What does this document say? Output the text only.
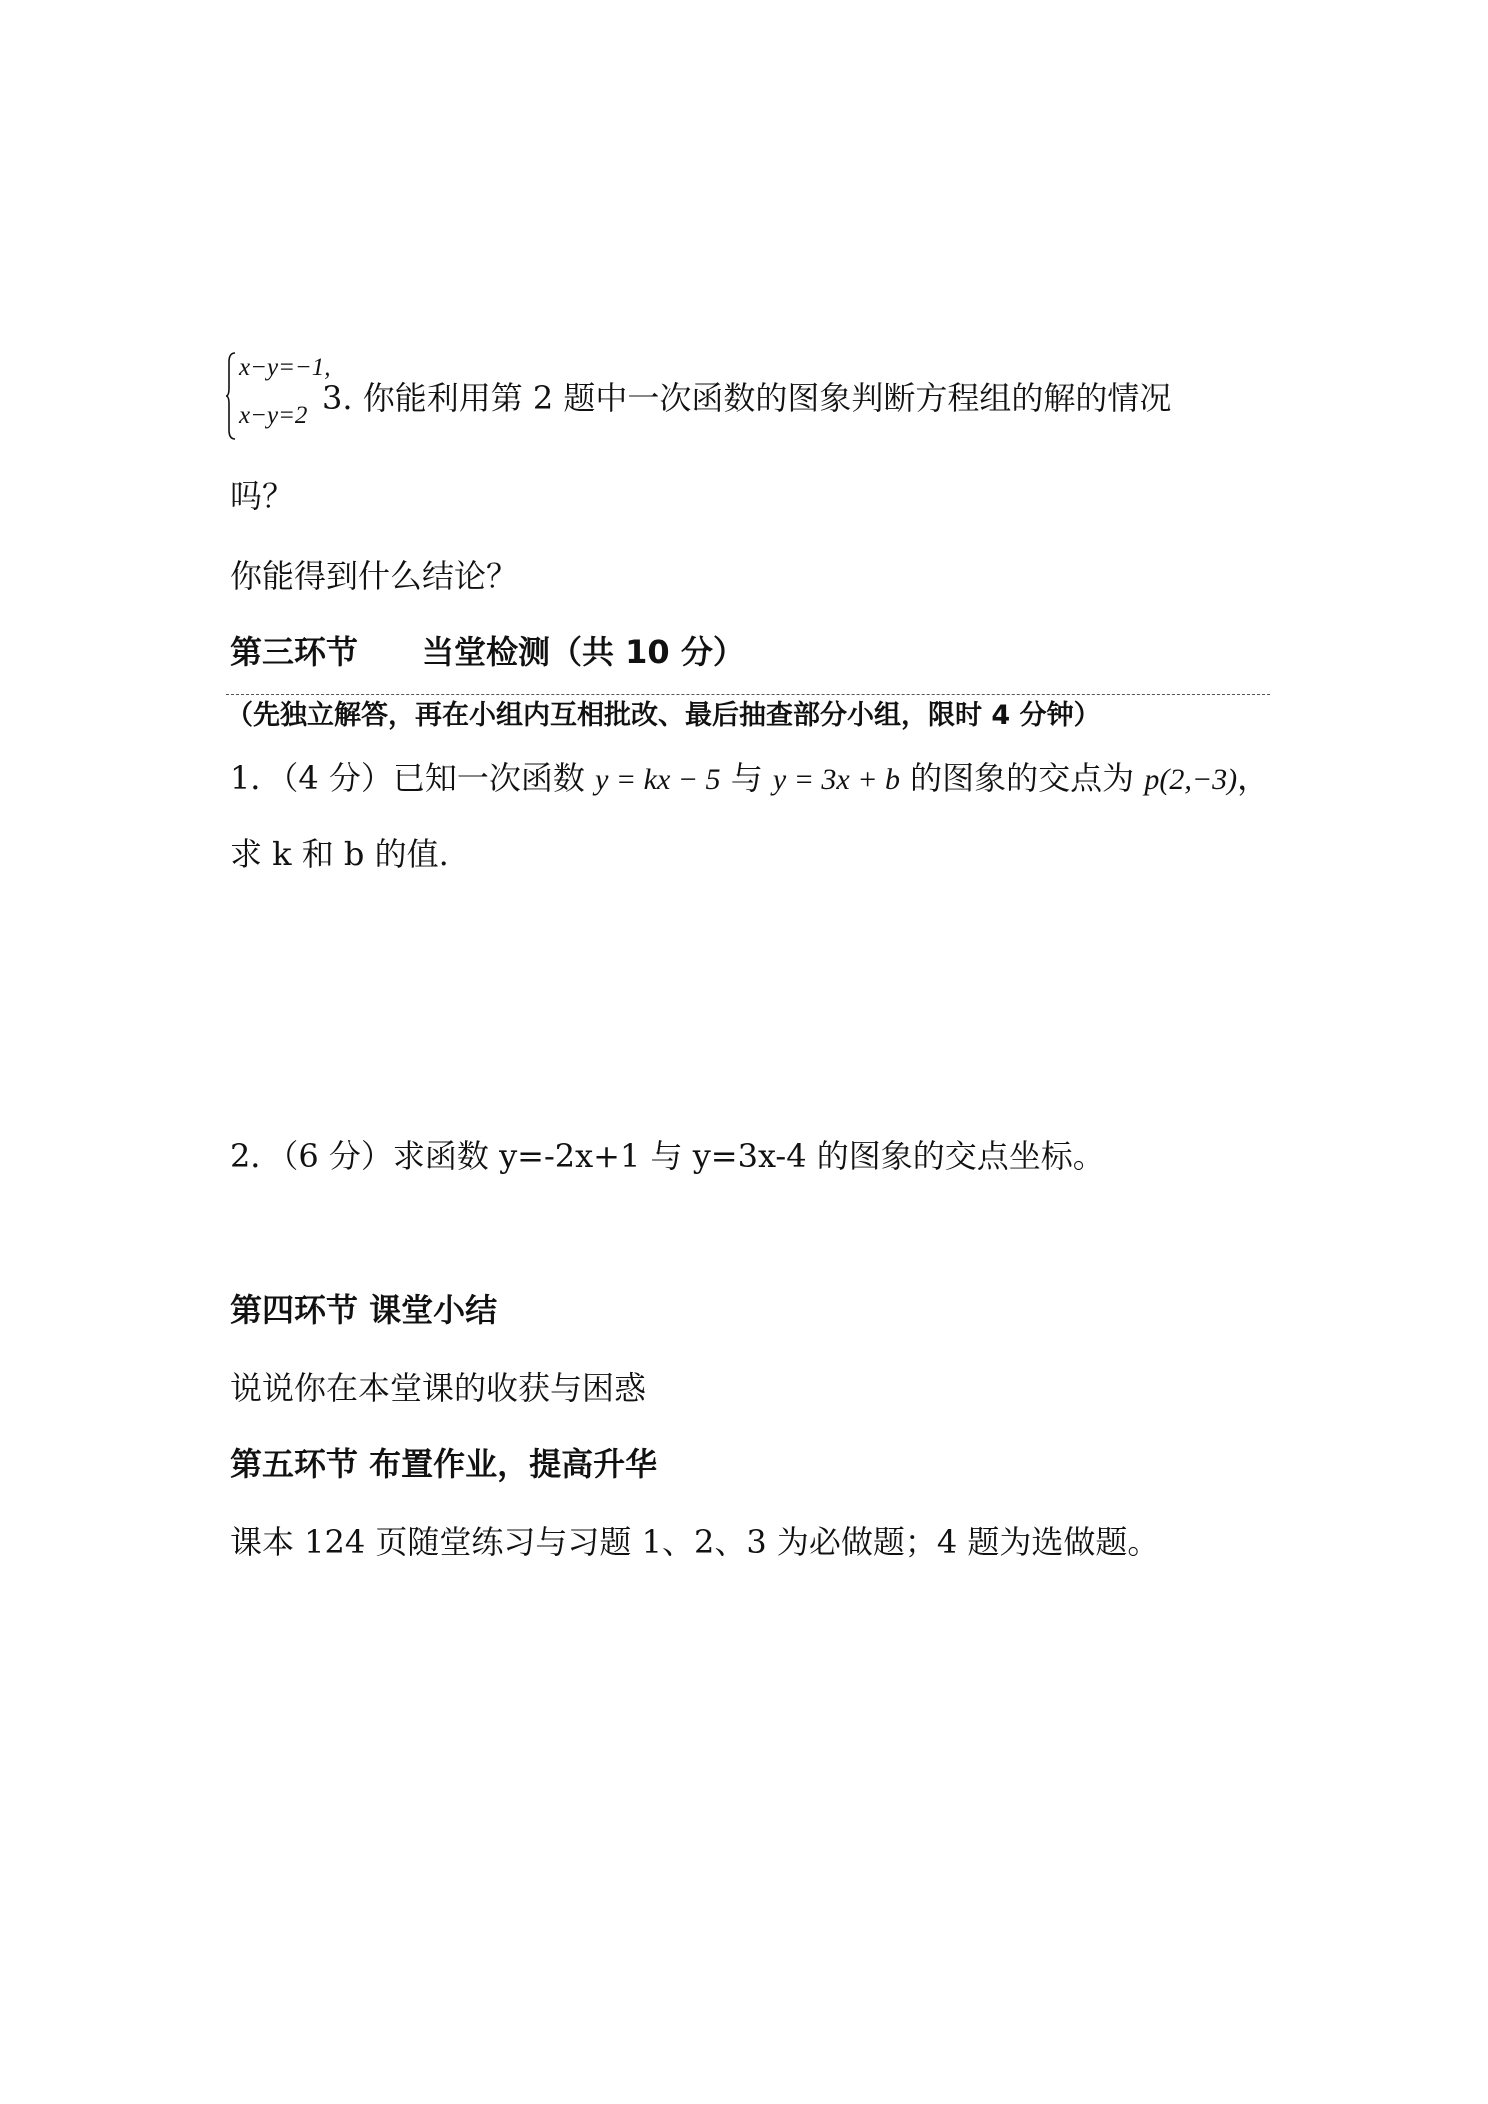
x−y=−1,
x−y=2 3. 你能利用第 2 题中一次函数的图象判断方程组的解的情况
吗？
你能得到什么结论？
第三环节　　当堂检测（共 10 分）
（先独立解答，再在小组内互相批改、最后抽查部分小组，限时 4 分钟）
1．（4 分）已知一次函数 y = kx − 5 与 y = 3x + b 的图象的交点为 p(2,−3)，
求 k 和 b 的值.
2．（6 分）求函数 y=-2x+1 与 y=3x-4 的图象的交点坐标。
第四环节 课堂小结
说说你在本堂课的收获与困惑
第五环节 布置作业，提高升华
课本 124 页随堂练习与习题 1、2、3 为必做题；4 题为选做题。
